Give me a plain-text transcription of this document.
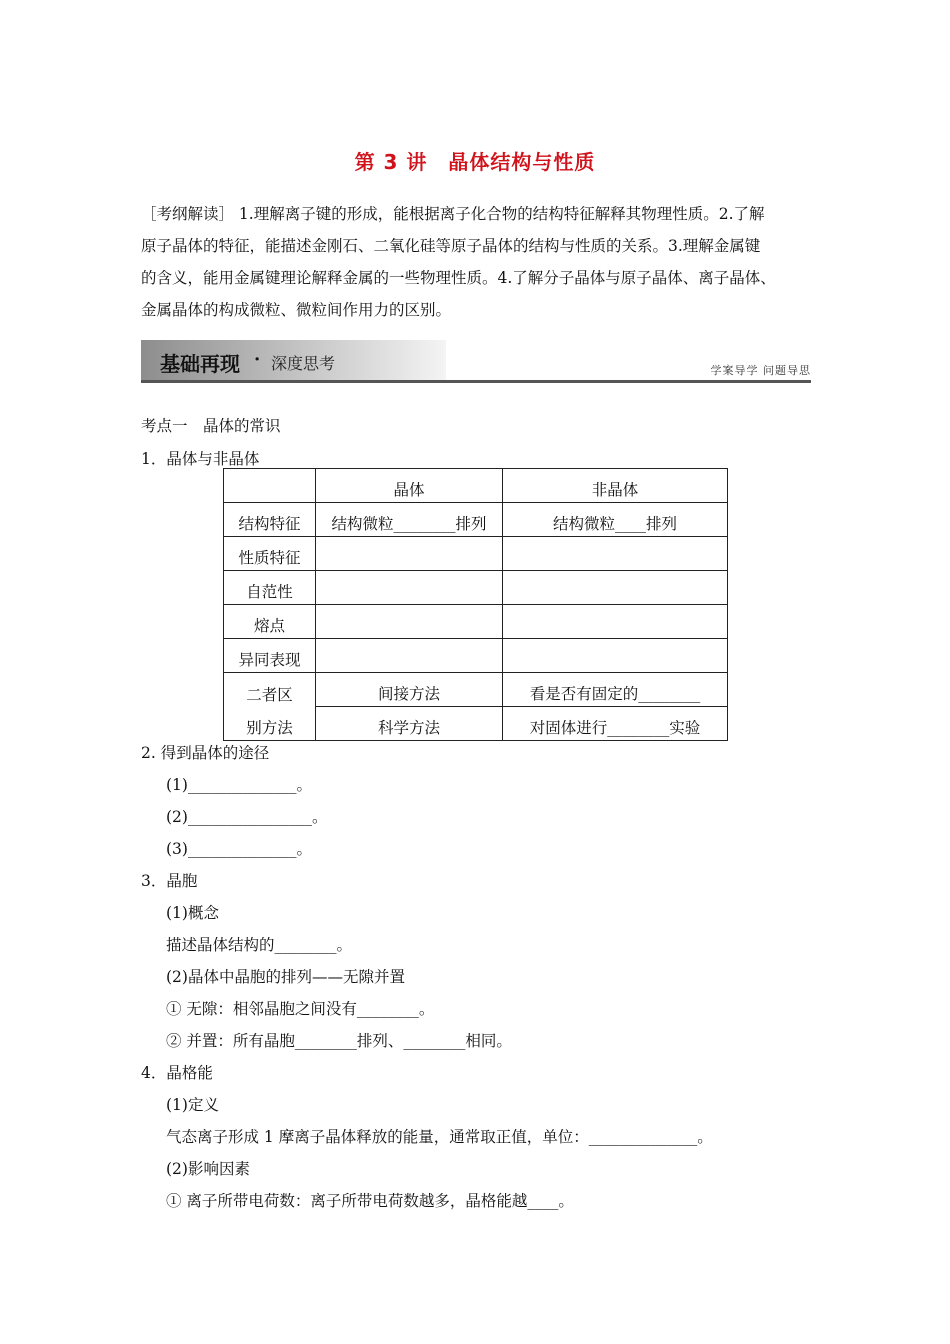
第 3 讲　晶体结构与性质
［考纲解读］ 1.理解离子键的形成，能根据离子化合物的结构特征解释其物理性质。2.了解
原子晶体的特征，能描述金刚石、二氧化硅等原子晶体的结构与性质的关系。3.理解金属键
的含义，能用金属键理论解释金属的一些物理性质。4.了解分子晶体与原子晶体、离子晶体、
金属晶体的构成微粒、微粒间作用力的区别。
基础再现 · 深度思考	学案导学 问题导思
考点一　晶体的常识
1．晶体与非晶体
	晶体	非晶体
结构特征	结构微粒________排列	结构微粒____排列
性质特征		
自范性		
熔点		
异同表现		
二者区	间接方法	看是否有固定的________
别方法	科学方法	对固体进行________实验
2. 得到晶体的途径
(1)______________。
(2)________________。
(3)______________。
3．晶胞
(1)概念
描述晶体结构的________。
(2)晶体中晶胞的排列——无隙并置
① 无隙：相邻晶胞之间没有________。
② 并置：所有晶胞________排列、________相同。
4．晶格能
(1)定义
气态离子形成 1 摩离子晶体释放的能量，通常取正值，单位：______________。
(2)影响因素
① 离子所带电荷数：离子所带电荷数越多，晶格能越____。
